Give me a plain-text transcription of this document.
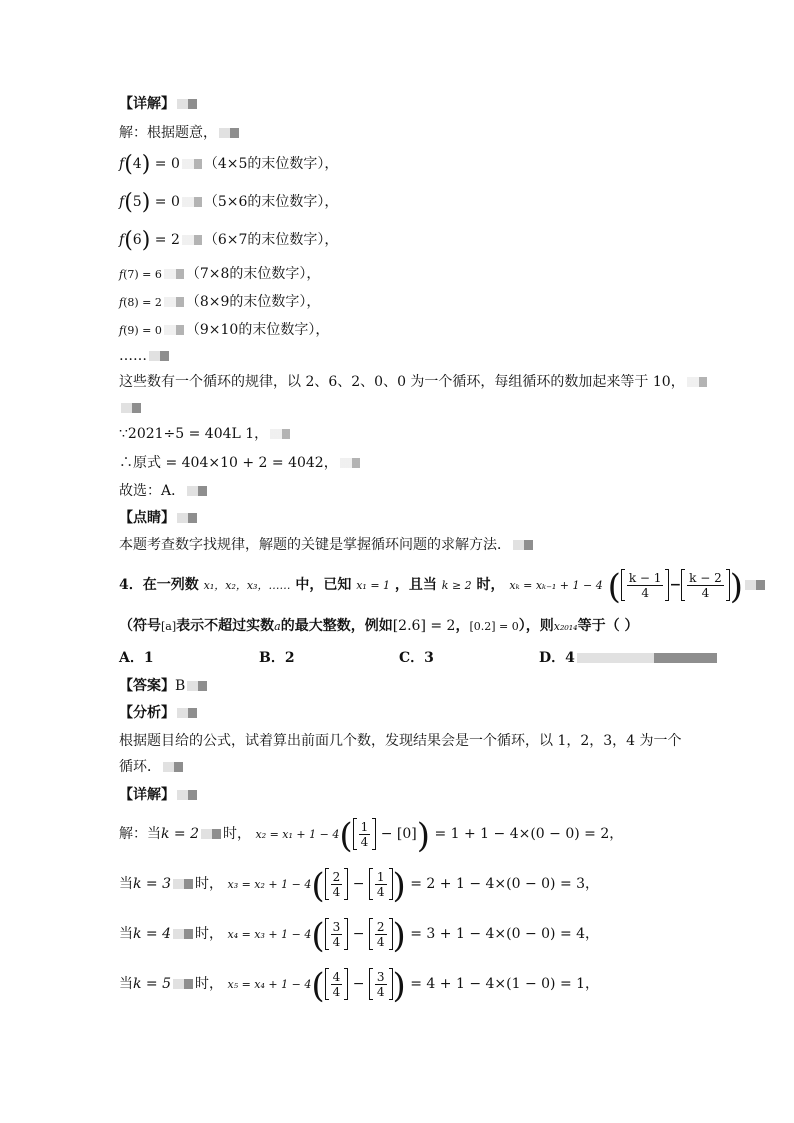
【详解】
解：根据题意，
f(4) = 0 （4×5的末位数字），
f(5) = 0 （5×6的末位数字），
f(6) = 2 （6×7的末位数字），
f(7) = 6 （7×8的末位数字），
f(8) = 2 （8×9的末位数字），
f(9) = 0 （9×10的末位数字），
……
这些数有一个循环的规律，以 2、6、2、0、0 为一个循环，每组循环的数加起来等于 10，
∵2021÷5 = 404L 1，
∴原式 = 404×10 + 2 = 4042，
故选：A．
【点睛】
本题考查数字找规律，解题的关键是掌握循环问题的求解方法．
4．在一列数 x₁，x₂，x₃，…… 中，已知 x₁ = 1 ，且当 k ≥ 2 时， xₖ = xₖ₋₁ + 1 − 4 ( $\frac{k - 1}{4} - \frac{k - 2}{4}$ )
（符号[a]表示不超过实数a的最大整数，例如[2.6] = 2，[0.2] = 0），则x₂₀₁₄等于（ ）
A．1	B．2	C．3	D．4
【答案】B
【分析】
根据题目给的公式，试着算出前面几个数，发现结果会是一个循环，以 1，2，3，4 为一个
循环．
【详解】
解：当k = 2 时， $x_2 = x_1 + 1 - 4( \frac{1}{4} - [0]) = 1 + 1 - 4\times(0 - 0) = 2$，
当k = 3 时， $x_3 = x_2 + 1 - 4( \frac{2}{4} - \frac{1}{4}$ ) = 2 + 1 − 4×(0 − 0) = 3，
当k = 4 时， $x_4 = x_3 + 1 - 4( \frac{3}{4} - \frac{2}{4}$ ) = 3 + 1 − 4×(0 − 0) = 4，
当k = 5 时， $x_5 = x_4 + 1 - 4( \frac{4}{4} - \frac{3}{4}$ ) = 4 + 1 − 4×(1 − 0) = 1，
